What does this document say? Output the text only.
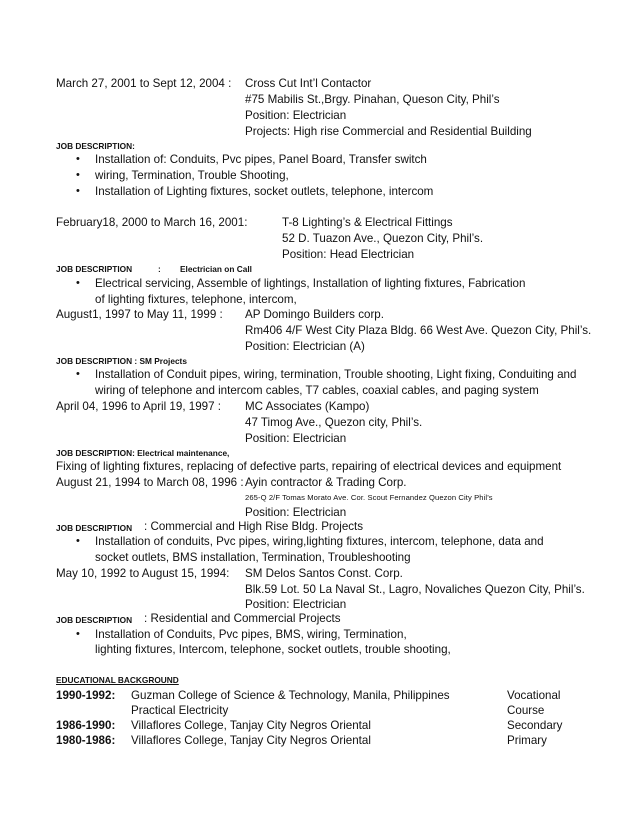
March 27, 2001 to Sept 12, 2004 : Cross Cut Int’l Contactor
#75 Mabilis St.,Brgy. Pinahan, Queson City, Phil’s
Position: Electrician
Projects: High rise Commercial and Residential Building
JOB DESCRIPTION:
• Installation of: Conduits, Pvc pipes, Panel Board, Transfer switch
• wiring, Termination, Trouble Shooting,
• Installation of Lighting fixtures, socket outlets, telephone, intercom
February18, 2000 to March 16, 2001:	T-8 Lighting’s & Electrical Fittings
52 D. Tuazon Ave., Quezon City, Phil’s.
Position: Head Electrician
JOB DESCRIPTION	: Electrician on Call
• Electrical servicing, Assemble of lightings, Installation of lighting fixtures, Fabrication
of lighting fixtures, telephone, intercom,
August1, 1997 to May 11, 1999 : AP Domingo Builders corp.
Rm406 4/F West City Plaza Bldg. 66 West Ave. Quezon City, Phil’s.
Position: Electrician (A)
JOB DESCRIPTION : SM Projects
• Installation of Conduit pipes, wiring, termination, Trouble shooting, Light fixing, Conduiting and
wiring of telephone and intercom cables, T7 cables, coaxial cables, and paging system
April 04, 1996 to April 19, 1997 : MC Associates (Kampo)
47 Timog Ave., Quezon city, Phil’s.
Position: Electrician
JOB DESCRIPTION: Electrical maintenance,
Fixing of lighting fixtures, replacing of defective parts, repairing of electrical devices and equipment
August 21, 1994 to March 08, 1996 : Ayin contractor & Trading Corp.
265-Q 2/F Tomas Morato Ave. Cor. Scout Fernandez Quezon City Phil’s
Position: Electrician
JOB DESCRIPTION : Commercial and High Rise Bldg. Projects
• Installation of conduits, Pvc pipes, wiring,lighting fixtures, intercom, telephone, data and
socket outlets, BMS installation, Termination, Troubleshooting
May 10, 1992 to August 15, 1994: SM Delos Santos Const. Corp.
Blk.59 Lot. 50 La Naval St., Lagro, Novaliches Quezon City, Phil’s.
Position: Electrician
JOB DESCRIPTION : Residential and Commercial Projects
• Installation of Conduits, Pvc pipes, BMS, wiring, Termination,
lighting fixtures, Intercom, telephone, socket outlets, trouble shooting,
EDUCATIONAL BACKGROUND
1990-1992: Guzman College of Science & Technology, Manila, Philippines	Vocational
Practical Electricity	Course
1986-1990: Villaflores College, Tanjay City Negros Oriental	Secondary
1980-1986: Villaflores College, Tanjay City Negros Oriental	Primary
